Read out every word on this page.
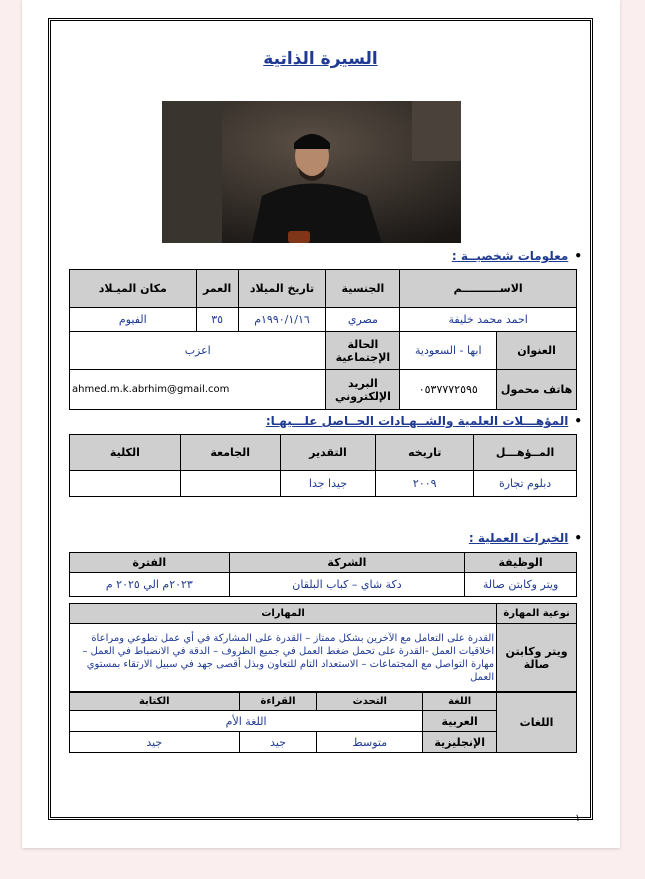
السيرة الذاتية
•معلومات شخصيــة :
الاســــــــــم		الجنسية	تاريخ الميلاد	العمر	مكان الميـلاد
احمد محمد خليفة		مصري	١٩٩٠/١/١٦م	٣٥	الفيوم
العنوان	ابها - السعودية	الحالة الإجتماعية	اعزب		
هاتف محمول	٠٥٣٧٧٧٢٥٩٥	البريد الإلكتروني	ahmed.m.k.abrhim@gmail.com		
•المؤهـــلات العلمية والشــهـادات الحــاصل علـــيهـا:
المــؤهـــل	تاريخه	التقدير	الجامعة	الكلية
دبلوم تجارة	٢٠٠٩	جيدا جدا		
•الخبرات العملية :
الوظيفة	الشركة	الفترة
ويتر وكابتن صالة	دكة شاي – كباب البلقان	٢٠٢٣م الي ٢٠٢٥ م
نوعية المهارة	المهارات
ويتر وكابتن صالة	القدرة على التعامل مع الآخرين بشكل ممتاز – القدرة على المشاركة في أي عمل تطوعي ومراعاة اخلاقيات العمل -القدرة على تحمل ضغط العمل في جميع الظروف – الدقة في الانضباط في العمل – مهارة التواصل مع المجتماعات – الاستعداد التام للتعاون وبذل أقصى جهد في سبيل الارتقاء بمستوي العمل
اللغات	اللغة	التحدث	القراءة	الكتابة
	العربية	اللغة الأم		
	الإنجليزية	متوسط	جيد	جيد
١
